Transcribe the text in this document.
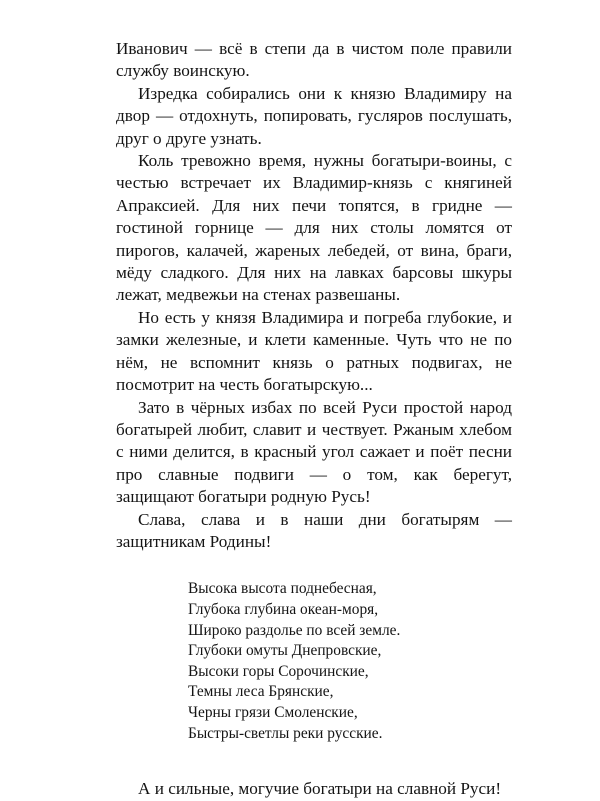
Иванович — всё в степи да в чистом поле правили службу воинскую.

Изредка собирались они к князю Владимиру на двор — отдохнуть, попировать, гусляров послушать, друг о друге узнать.

Коль тревожно время, нужны богатыри-воины, с честью встречает их Владимир-князь с княгиней Апраксией. Для них печи топятся, в гриднe — гостиной горнице — для них столы ломятся от пирогов, калачей, жареных лебедей, от вина, браги, мёду сладкого. Для них на лавках барсовы шкуры лежат, медвежьи на стенах развешаны.

Но есть у князя Владимира и погреба глубокие, и замки железные, и клети каменные. Чуть что не по нём, не вспомнит князь о ратных подвигах, не посмотрит на честь богатырскую...

Зато в чёрных избах по всей Руси простой народ богатырей любит, славит и чествует. Ржаным хлебом с ними делится, в красный угол сажает и поёт песни про славные подвиги — о том, как берегут, защищают богатыри родную Русь!

Слава, слава и в наши дни богатырям — защитникам Родины!

Высока высота поднебесная,
Глубока глубина океан-моря,
Широко раздолье по всей земле.
Глубоки омуты Днепровские,
Высоки горы Сорочинские,
Темны леса Брянские,
Черны грязи Смоленские,
Быстры-светлы реки русские.

А и сильные, могучие богатыри на славной Руси!
